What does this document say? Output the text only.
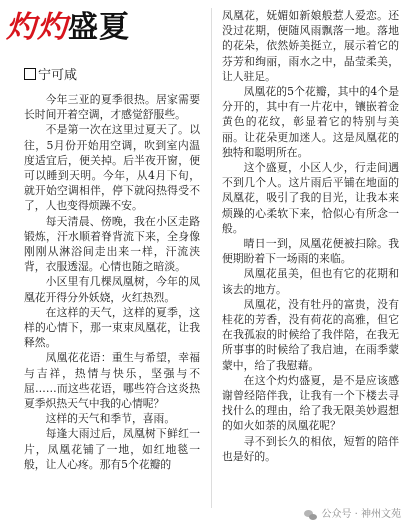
灼灼盛夏
宁可咸

今年三亚的夏季很热。居家需要长时间开着空调，才感觉舒服些。

不是第一次在这里过夏天了。以往，5月份开始用空调，吹到室内温度适宜后，便关掉。后半夜开窗，便可以睡到天明。今年，从4月下旬，就开始空调相伴，停下就闷热得受不了，人也变得烦躁不安。

每天清晨、傍晚，我在小区走路锻炼，汗水顺着脊背流下来，全身像刚刚从淋浴间走出来一样，汗流浃背，衣服透湿。心情也随之暗淡。

小区里有几棵凤凰树，今年的凤凰花开得分外妖娆，火红热烈。

在这样的天气，这样的夏季，这样的心情下，那一束束凤凰花，让我释然。

凤凰花花语：重生与希望，幸福与吉祥，热情与快乐，坚强与不屈……而这些花语，哪些符合这炎热夏季炽热天气中我的心情呢？

这样的天气和季节，喜雨。

每逢大雨过后，凤凰树下鲜红一片，凤凰花铺了一地，如红地毯一般，让人心疼。那有5个花瓣的

凤凰花，妩媚如新娘般惹人爱恋。还没过花期，便随风雨飘落一地。落地的花朵，依然娇美挺立，展示着它的芬芳和绚丽，雨水之中，晶莹柔美，让人驻足。

凤凰花的5个花瓣，其中的4个是分开的，其中有一片花中，镶嵌着金黄色的花纹，彰显着它的特别与美丽。让花朵更加迷人。这是凤凰花的独特和聪明所在。

这个盛夏，小区人少，行走间遇不到几个人。这片雨后平铺在地面的凤凰花，吸引了我的目光，让我本来烦躁的心柔软下来，恰似心有所念一般。

晴日一到，凤凰花便被扫除。我便期盼着下一场雨的来临。

凤凰花虽美，但也有它的花期和该去的地方。

凤凰花，没有牡丹的富贵，没有桂花的芳香，没有荷花的高雅，但它在我孤寂的时候给了我伴陪，在我无所事事的时候给了我启迪，在雨季蒙蒙中，给了我慰藉。

在这个灼灼盛夏，是不是应该感谢曾经陪伴我，让我有一个下楼去寻找什么的理由，给了我无限美妙遐想的如火如荼的凤凰花呢？

寻不到长久的相依，短暂的陪伴也是好的。

公众号 · 神州文苑
